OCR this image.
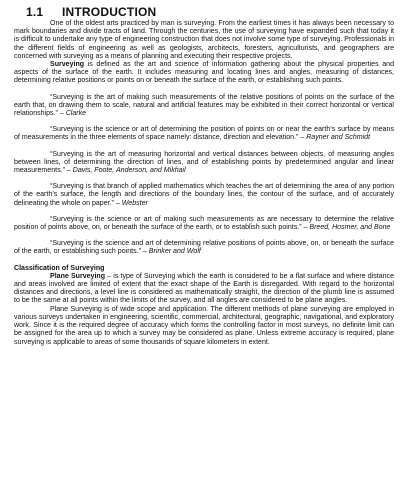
1.1	INTRODUCTION

One of the oldest arts practiced by man is surveying. From the earliest times it has always been necessary to mark boundaries and divide tracts of land. Through the centuries, the use of surveying have expanded such that today it is difficult to undertake any type of engineering construction that does not involve some type of surveying. Professionals in the different fields of engineering as well as geologists, architects, foresters, agriculturists, and geographers are concerned with surveying as a means of planning and executing their respective projects.

Surveying is defined as the art and science of information gathering about the physical properties and aspects of the surface of the earth. It includes measuring and locating lines and angles, measuring of distances, determining relative positions or points on or beneath the surface of the earth, or establishing such points.

“Surveying is the art of making such measurements of the relative positions of points on the surface of the earth that, on drawing them to scale, natural and artificial features may be exhibited in their correct horizontal or vertical relationships.” – Clarke

“Surveying is the science or art of determining the position of points on or near the earth’s surface by means of measurements in the three elements of space namely: distance, direction and elevation.” – Rayner and Schmidt

“Surveying is the art of measuring horizontal and vertical distances between objects, of measuring angles between lines, of determining the direction of lines, and of establishing points by predetermined angular and linear measurements.” – Davis, Foote, Anderson, and Mikhail

“Surveying is that branch of applied mathematics which teaches the art of determining the area of any portion of the earth’s surface, the length and directions of the boundary lines, the contour of the surface, and of accurately delineating the whole on paper.” – Webster

“Surveying is the science or art of making such measurements as are necessary to determine the relative position of points above, on, or beneath the surface of the earth, or to establish such points.” – Breed, Hosmer, and Bone

“Surveying is the science and art of determining relative positions of points above, on, or beneath the surface of the earth, or establishing such points.” – Brinker and Wolf

Classification of Surveying

Plane Surveying – is type of Surveying which the earth is considered to be a flat surface and where distance and areas involved are limited of extent that the exact shape of the Earth is disregarded. With regard to the horizontal distances and directions, a level line is considered as mathematically straight, the direction of the plumb line is assumed to be the same at all points within the limits of the survey, and all angles are considered to be plane angles.

Plane Surveying is of wide scope and application. The different methods of plane surveying are employed in various surveys undertaken in engineering, scientific, commercial, architectural, geographic, navigational, and exploratory work. Since it is the required degree of accuracy which forms the controlling factor in most surveys, no definite limit can be assigned for the area up to which a survey may be considered as plane. Unless extreme accuracy is required, plane surveying is applicable to areas of some thousands of square kilometers in extent.
